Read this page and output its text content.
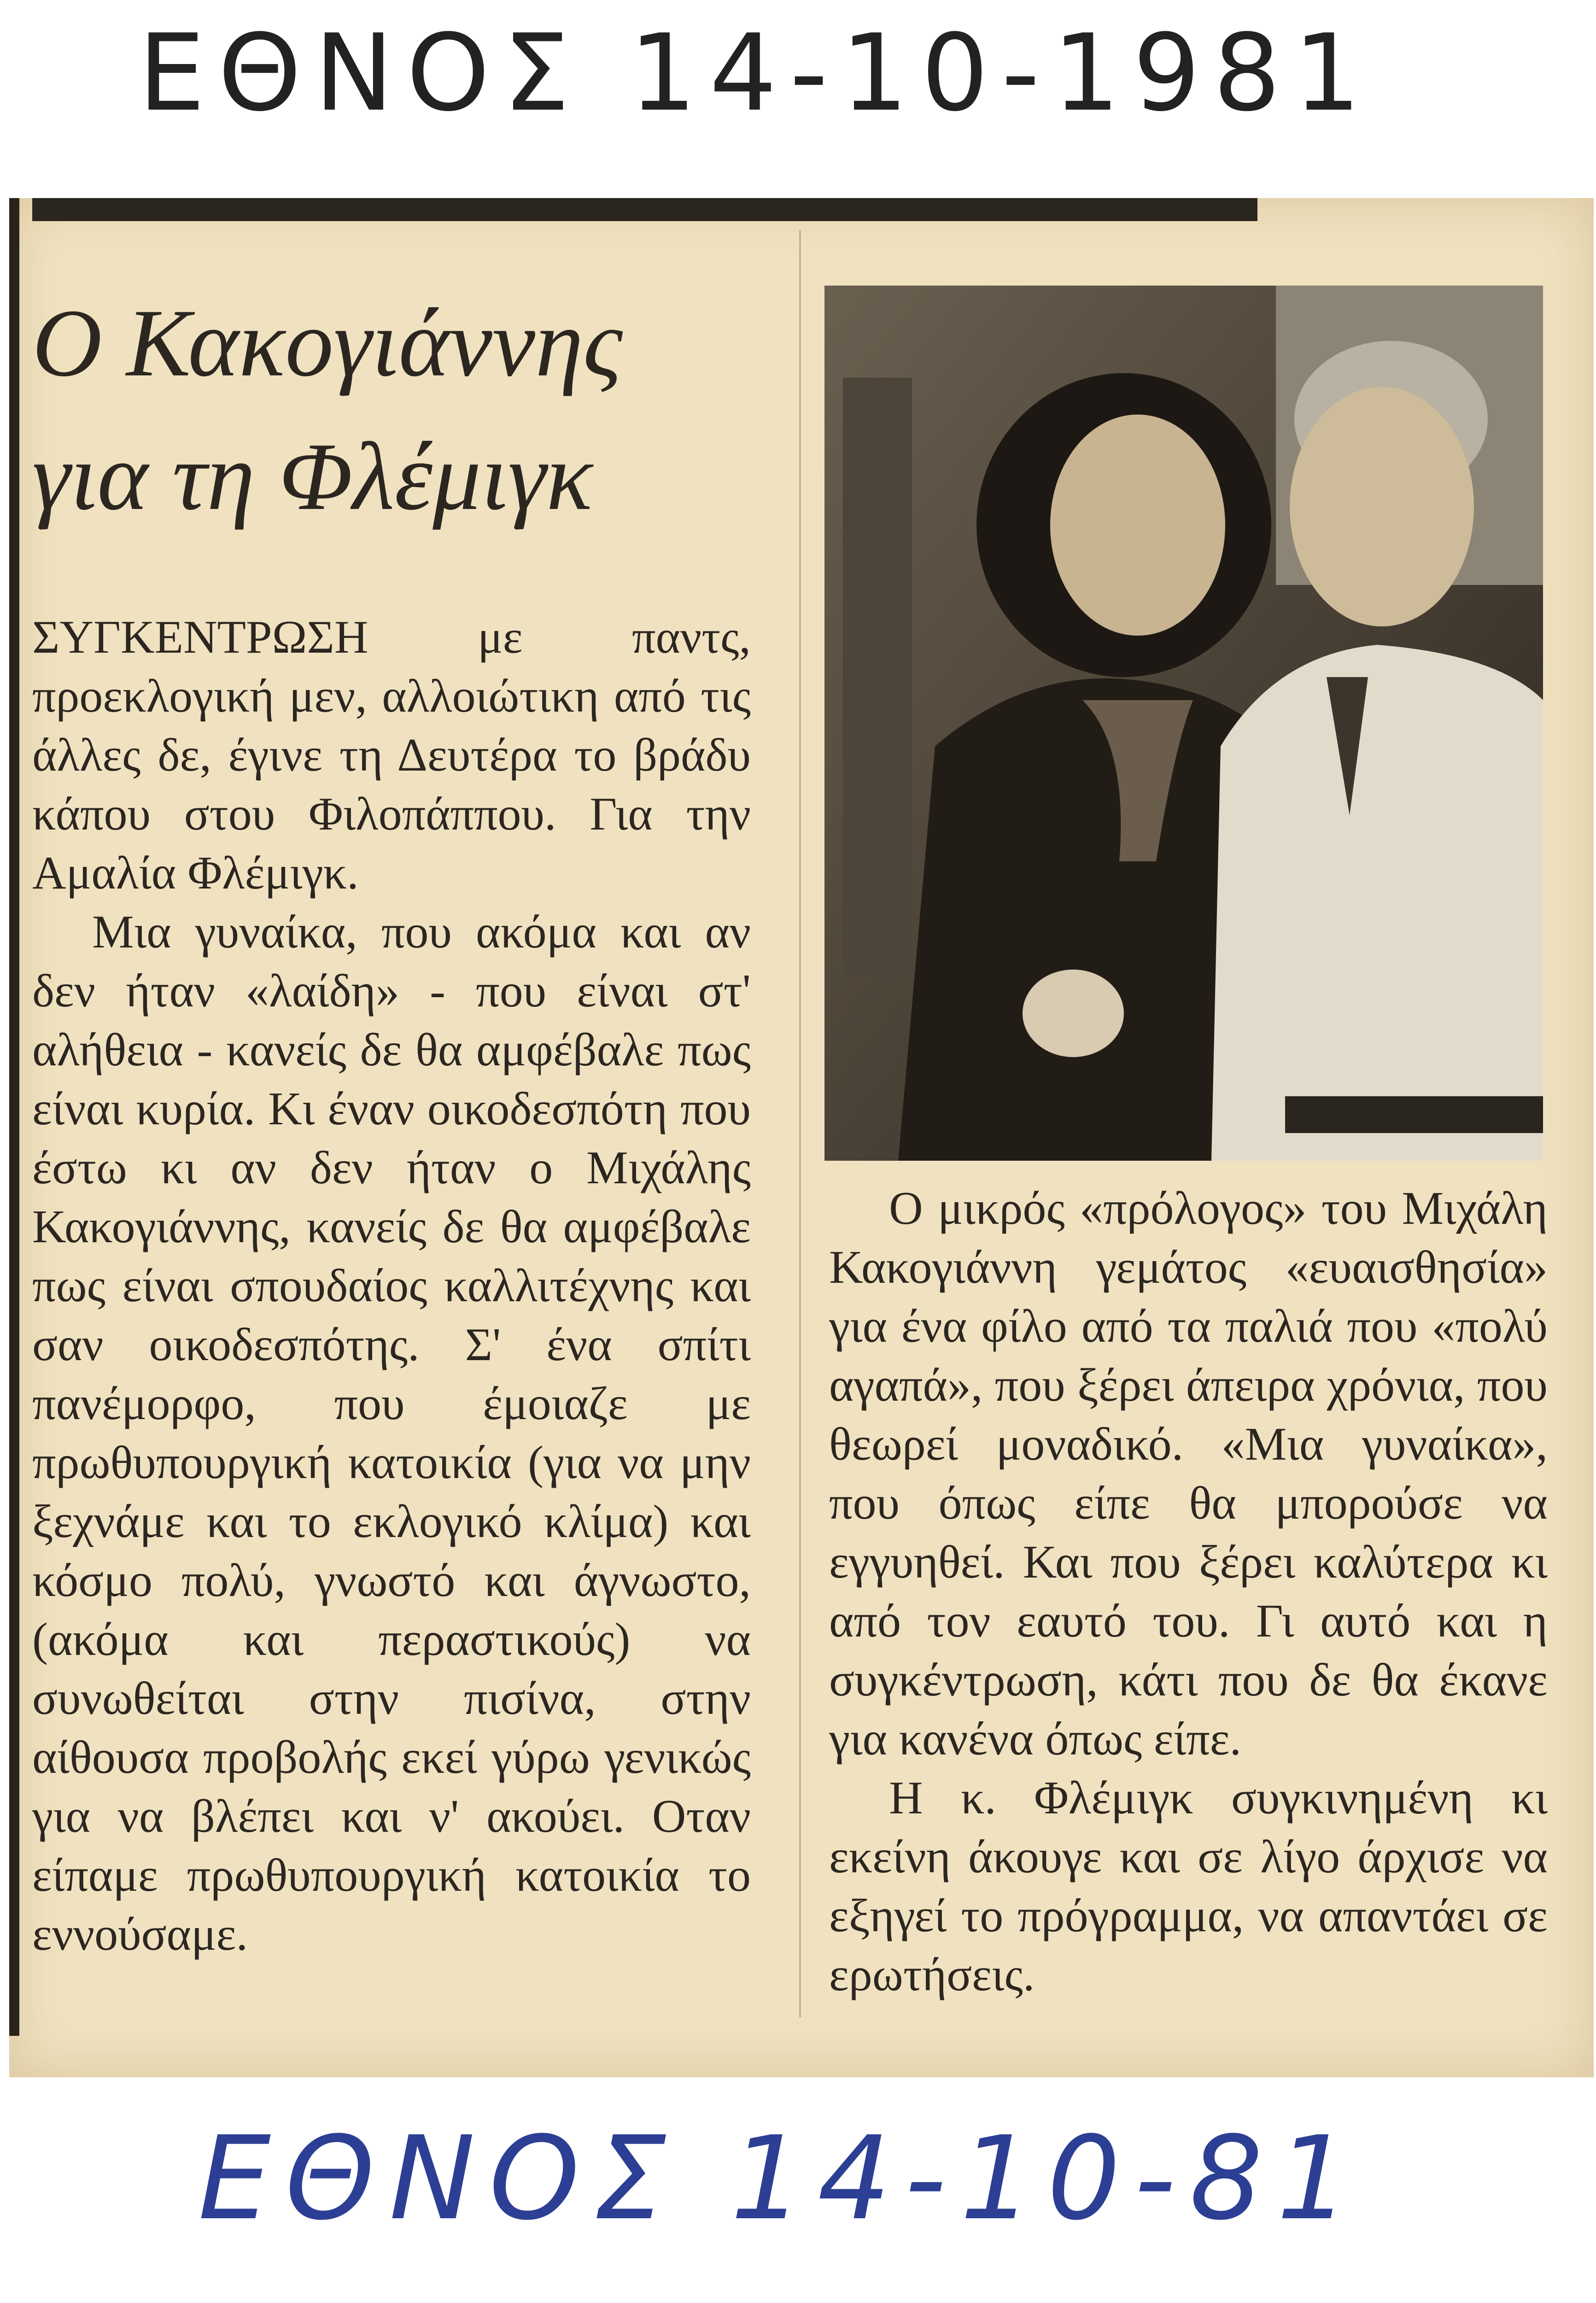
ΕΘΝΟΣ 14-10-1981
Ο Κακογιάννης
για τη Φλέμιγκ

ΣΥΓΚΕΝΤΡΩΣΗ με παντς, προεκλογική μεν, αλλοιώτικη από τις άλλες δε, έγινε τη Δευτέρα το βράδυ κάπου στου Φιλοπάππου. Για την Αμαλία Φλέμιγκ.

Μια γυναίκα, που ακόμα και αν δεν ήταν «λαίδη» - που είναι στ' αλήθεια - κανείς δε θα αμφέβαλε πως είναι κυρία. Κι έναν οικοδεσπότη που έστω κι αν δεν ήταν ο Μιχάλης Κακογιάννης, κανείς δε θα αμφέβαλε πως είναι σπουδαίος καλλιτέχνης και σαν οικοδεσπότης. Σ' ένα σπίτι πανέμορφο, που έμοιαζε με πρωθυπουργική κατοικία (για να μην ξεχνάμε και το εκλογικό κλίμα) και κόσμο πολύ, γνωστό και άγνωστο, (ακόμα και περαστικούς) να συνωθείται στην πισίνα, στην αίθουσα προβολής εκεί γύρω γενικώς για να βλέπει και ν' ακούει. Οταν είπαμε πρωθυπουργική κατοικία το εννούσαμε.

Ο μικρός «πρόλογος» του Μιχάλη Κακογιάννη γεμάτος «ευαισθησία» για ένα φίλο από τα παλιά που «πολύ αγαπά», που ξέρει άπειρα χρόνια, που θεωρεί μοναδικό. «Μια γυναίκα», που όπως είπε θα μπορούσε να εγγυηθεί. Και που ξέρει καλύτερα κι από τον εαυτό του. Γι αυτό και η συγκέντρωση, κάτι που δε θα έκανε για κανένα όπως είπε.

Η κ. Φλέμιγκ συγκινημένη κι εκείνη άκουγε και σε λίγο άρχισε να εξηγεί το πρόγραμμα, να απαντάει σε ερωτήσεις.

ΕΘΝΟΣ 14-10-81
